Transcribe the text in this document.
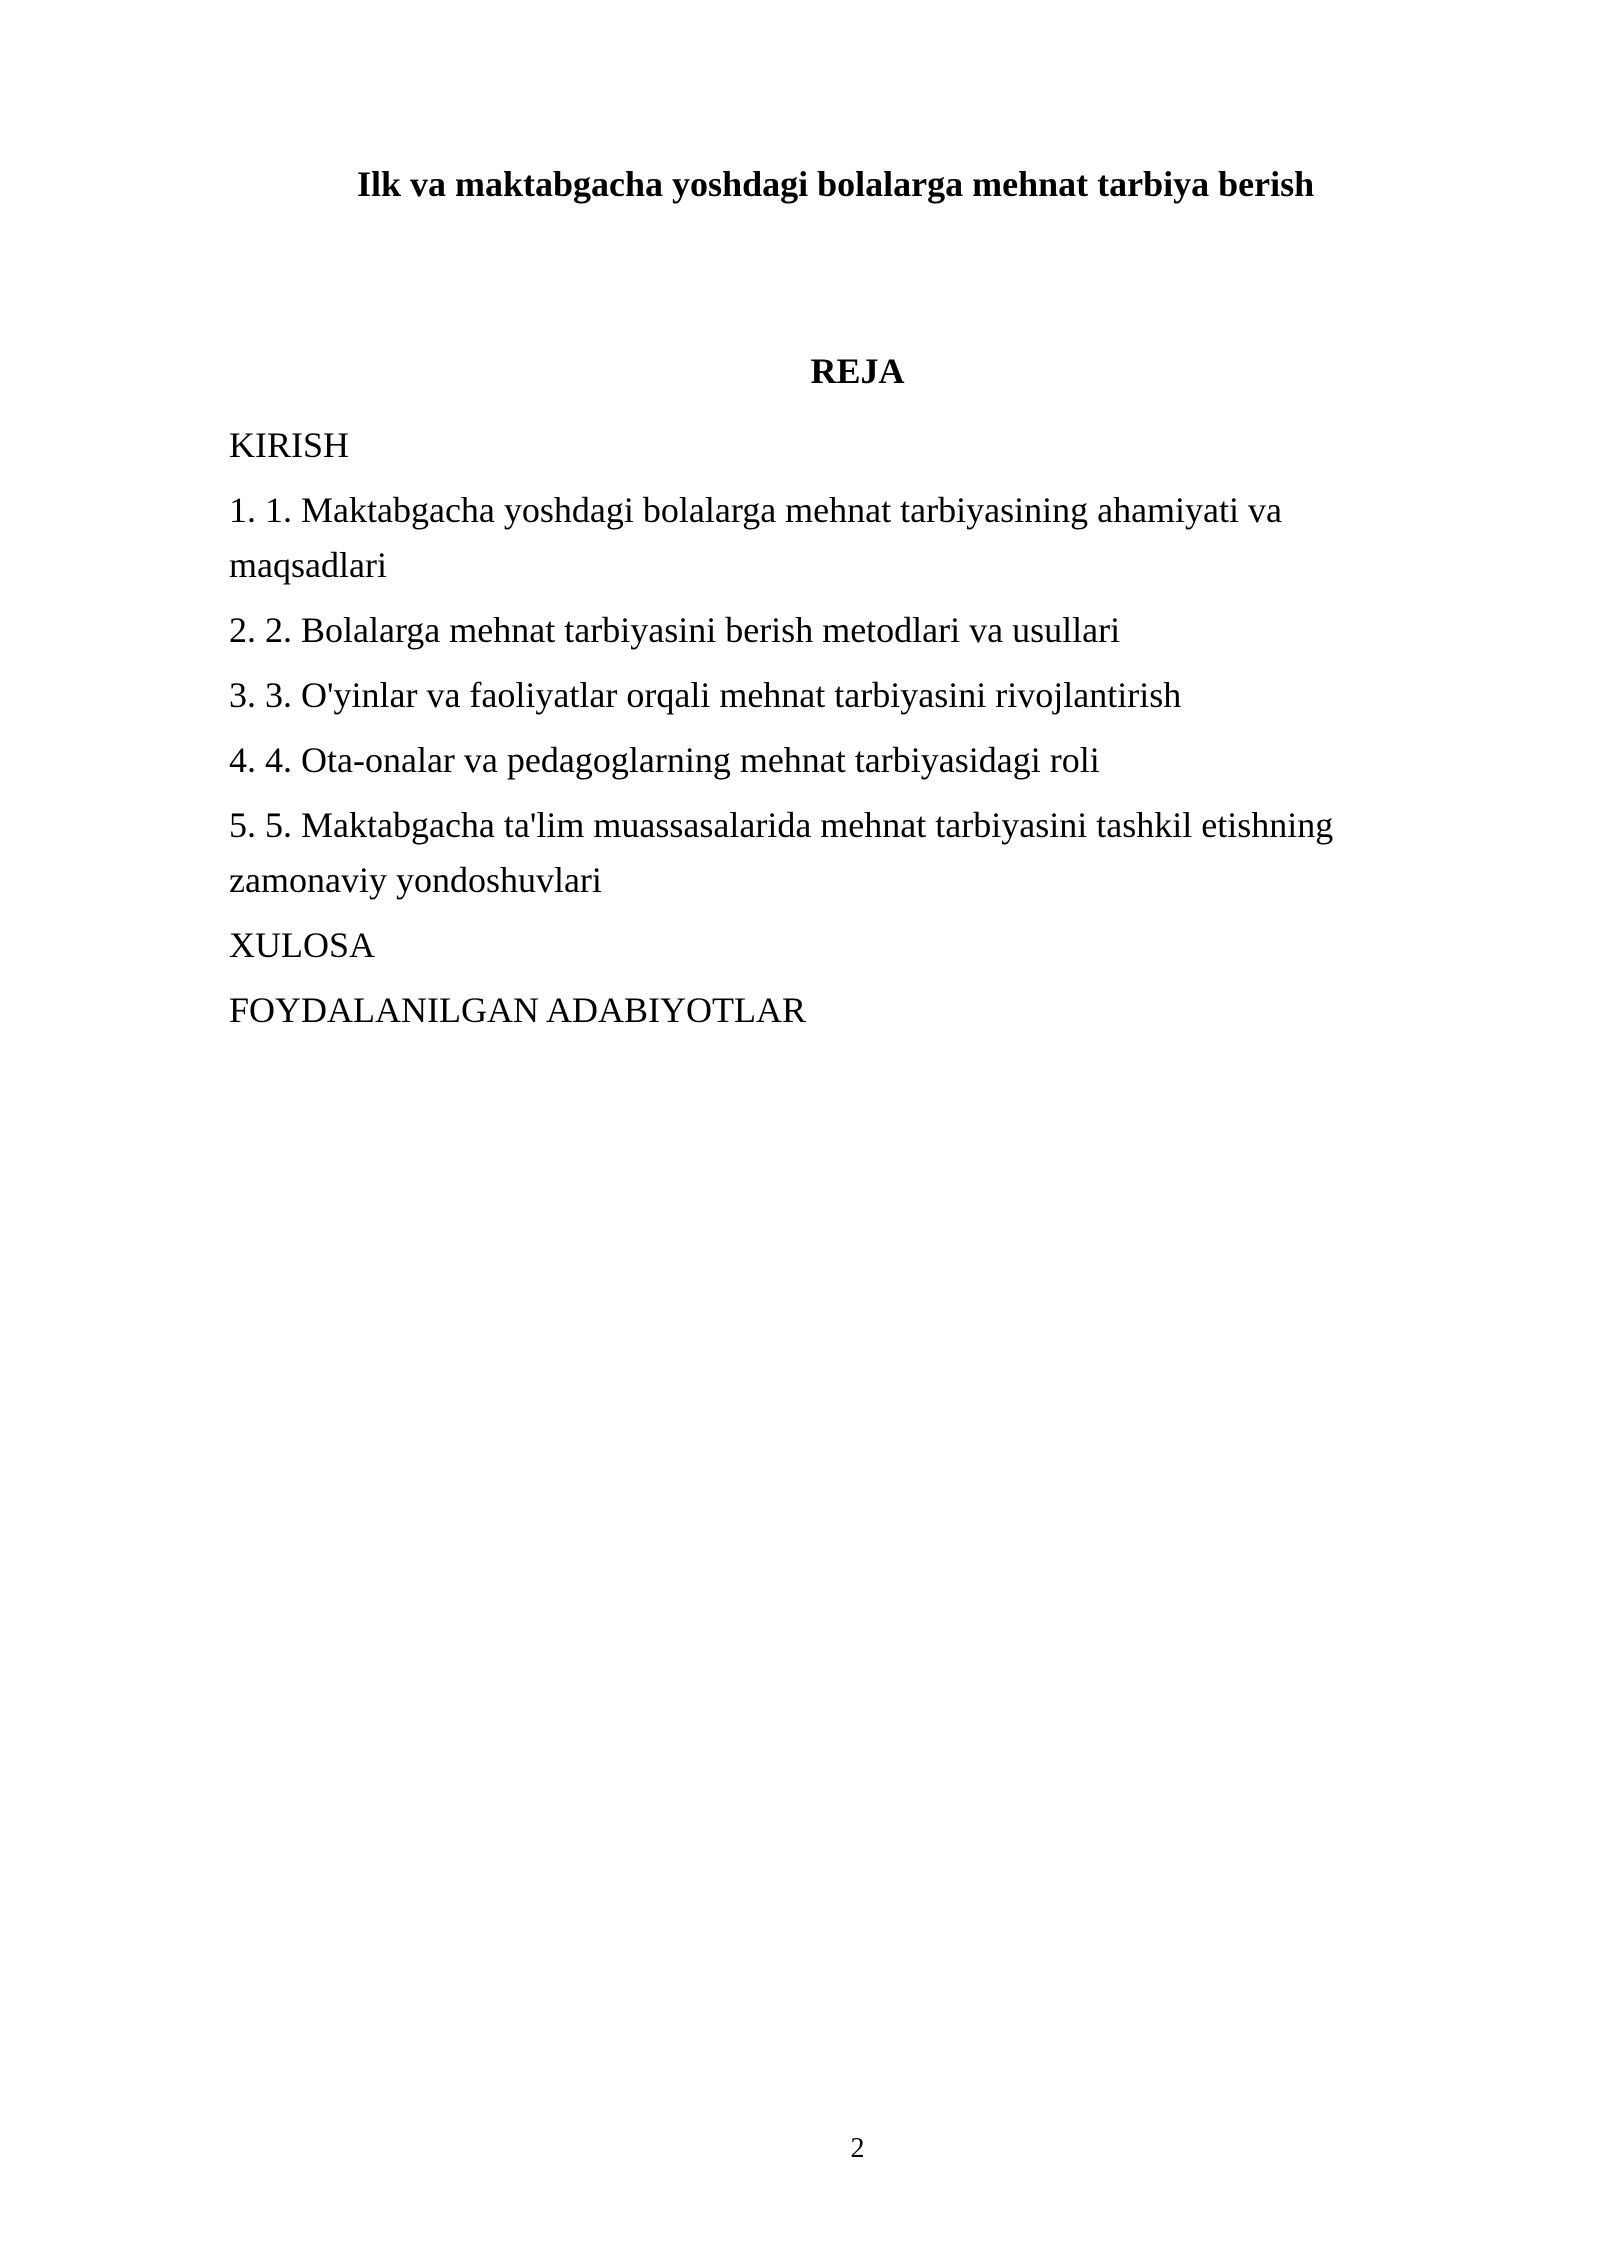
Ilk va maktabgacha yoshdagi bolalarga mehnat tarbiya berish
REJA
KIRISH
1. 1. Maktabgacha yoshdagi bolalarga mehnat tarbiyasining ahamiyati va maqsadlari
2. 2. Bolalarga mehnat tarbiyasini berish metodlari va usullari
3. 3. O'yinlar va faoliyatlar orqali mehnat tarbiyasini rivojlantirish
4. 4. Ota-onalar va pedagoglarning mehnat tarbiyasidagi roli
5. 5. Maktabgacha ta'lim muassasalarida mehnat tarbiyasini tashkil etishning zamonaviy yondoshuvlari
XULOSA
FOYDALANILGAN ADABIYOTLAR
2
